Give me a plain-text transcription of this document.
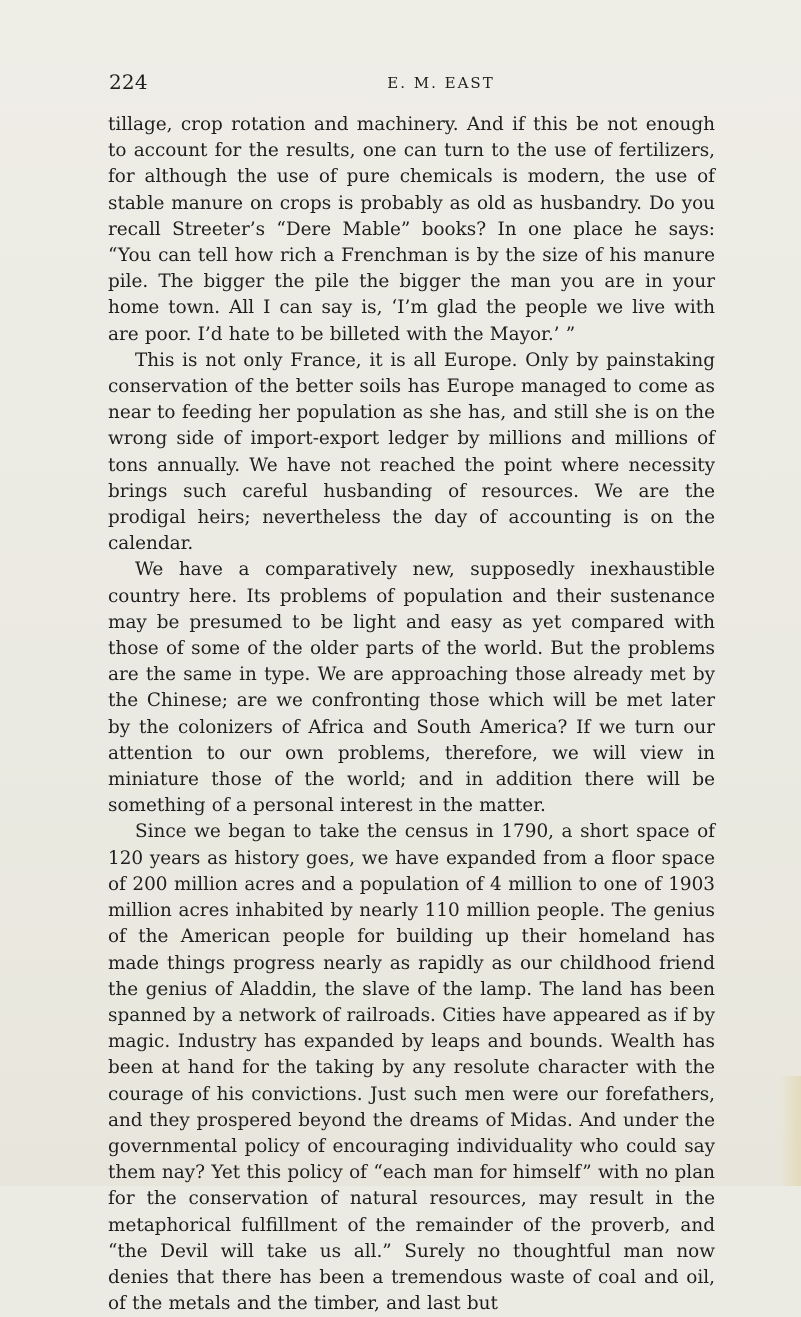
224	E. M. EAST

tillage, crop rotation and machinery. And if this be not enough to account for the results, one can turn to the use of fertilizers, for although the use of pure chemicals is modern, the use of stable manure on crops is probably as old as husbandry. Do you recall Streeter’s “Dere Mable” books? In one place he says: “You can tell how rich a Frenchman is by the size of his manure pile. The bigger the pile the bigger the man you are in your home town. All I can say is, ‘I’m glad the people we live with are poor. I’d hate to be billeted with the Mayor.’ ”

This is not only France, it is all Europe. Only by painstaking conservation of the better soils has Europe managed to come as near to feeding her population as she has, and still she is on the wrong side of import-export ledger by millions and millions of tons annually. We have not reached the point where necessity brings such careful husbanding of resources. We are the prodigal heirs; nevertheless the day of accounting is on the calendar.

We have a comparatively new, supposedly inexhaustible country here. Its problems of population and their sustenance may be presumed to be light and easy as yet compared with those of some of the older parts of the world. But the problems are the same in type. We are approaching those already met by the Chinese; are we confronting those which will be met later by the colonizers of Africa and South America? If we turn our attention to our own problems, therefore, we will view in miniature those of the world; and in addition there will be something of a personal interest in the matter.

Since we began to take the census in 1790, a short space of 120 years as history goes, we have expanded from a floor space of 200 million acres and a population of 4 million to one of 1903 million acres inhabited by nearly 110 million people. The genius of the American people for building up their homeland has made things progress nearly as rapidly as our childhood friend the genius of Aladdin, the slave of the lamp. The land has been spanned by a network of railroads. Cities have appeared as if by magic. Industry has expanded by leaps and bounds. Wealth has been at hand for the taking by any resolute character with the courage of his convictions. Just such men were our forefathers, and they prospered beyond the dreams of Midas. And under the governmental policy of encouraging individuality who could say them nay? Yet this policy of “each man for himself” with no plan for the conservation of natural resources, may result in the metaphorical fulfillment of the remainder of the proverb, and “the Devil will take us all.” Surely no thoughtful man now denies that there has been a tremendous waste of coal and oil, of the metals and the timber, and last but
